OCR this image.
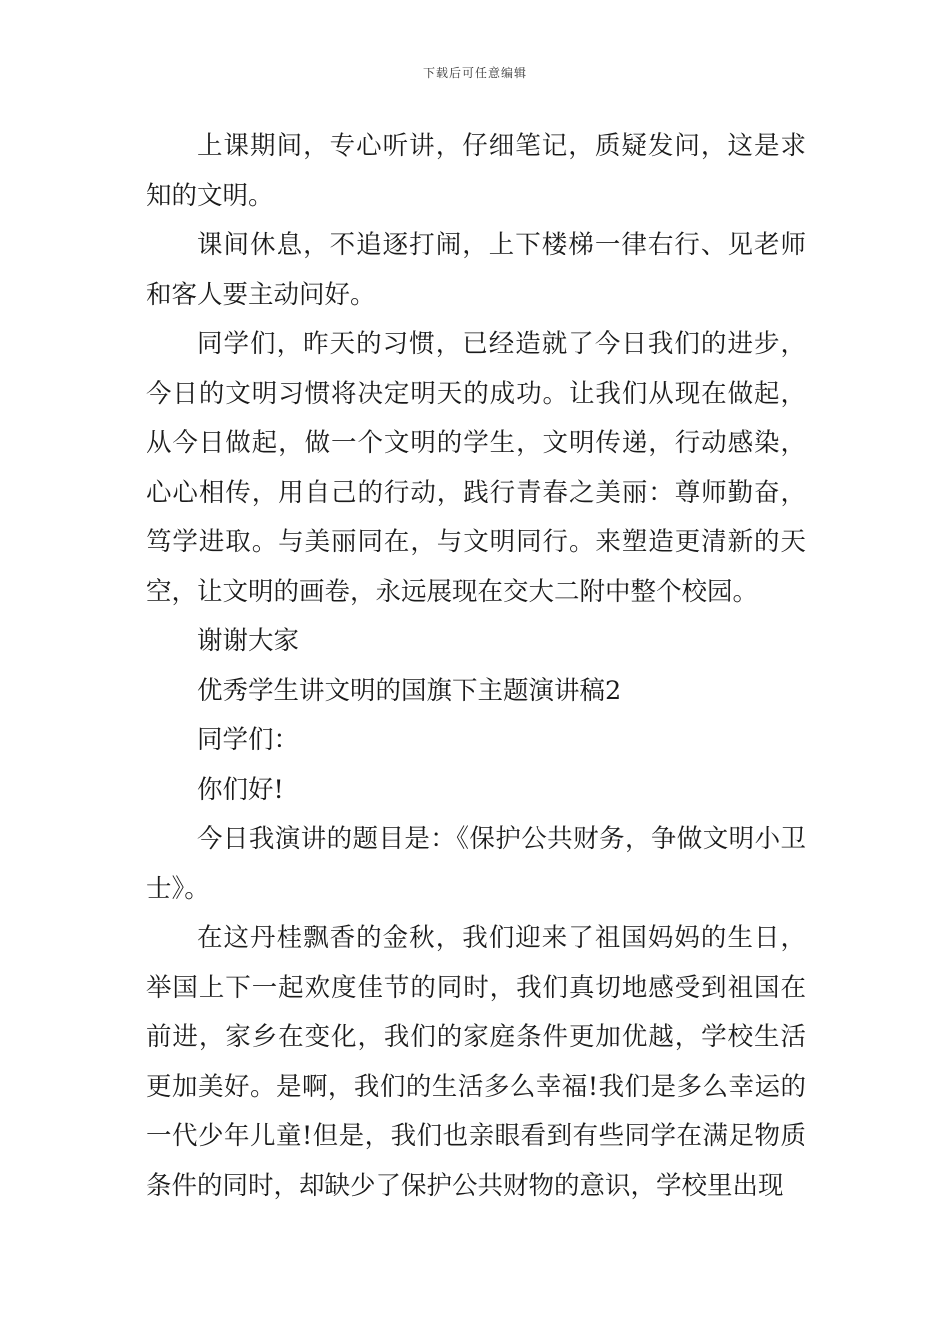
下载后可任意编辑

上课期间，专心听讲，仔细笔记，质疑发问，这是求知的文明。

课间休息，不追逐打闹，上下楼梯一律右行、见老师和客人要主动问好。

同学们，昨天的习惯，已经造就了今日我们的进步，今日的文明习惯将决定明天的成功。让我们从现在做起，从今日做起，做一个文明的学生，文明传递，行动感染，心心相传，用自己的行动，践行青春之美丽：尊师勤奋，笃学进取。与美丽同在，与文明同行。来塑造更清新的天空，让文明的画卷，永远展现在交大二附中整个校园。

谢谢大家

优秀学生讲文明的国旗下主题演讲稿2

同学们：

你们好!

今日我演讲的题目是：《保护公共财务，争做文明小卫士》。

在这丹桂飘香的金秋，我们迎来了祖国妈妈的生日，举国上下一起欢度佳节的同时，我们真切地感受到祖国在前进，家乡在变化，我们的家庭条件更加优越，学校生活更加美好。是啊，我们的生活多么幸福!我们是多么幸运的一代少年儿童!但是，我们也亲眼看到有些同学在满足物质条件的同时，却缺少了保护公共财物的意识，学校里出现
